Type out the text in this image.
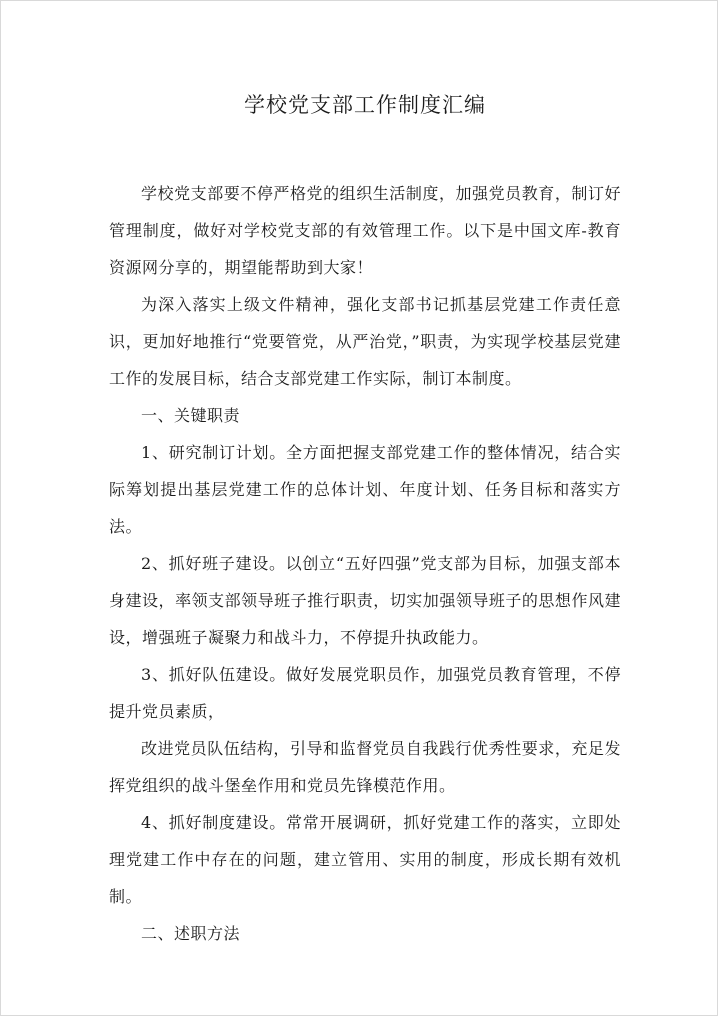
学校党支部工作制度汇编

学校党支部要不停严格党的组织生活制度，加强党员教育，制订好管理制度，做好对学校党支部的有效管理工作。以下是中国文库-教育资源网分享的，期望能帮助到大家！

为深入落实上级文件精神，强化支部书记抓基层党建工作责任意识，更加好地推行“党要管党，从严治党，”职责，为实现学校基层党建工作的发展目标，结合支部党建工作实际，制订本制度。

一、关键职责

1、研究制订计划。全方面把握支部党建工作的整体情况，结合实际筹划提出基层党建工作的总体计划、年度计划、任务目标和落实方法。

2、抓好班子建设。以创立“五好四强”党支部为目标，加强支部本身建设，率领支部领导班子推行职责，切实加强领导班子的思想作风建设，增强班子凝聚力和战斗力，不停提升执政能力。

3、抓好队伍建设。做好发展党职员作，加强党员教育管理，不停提升党员素质，

改进党员队伍结构，引导和监督党员自我践行优秀性要求，充足发挥党组织的战斗堡垒作用和党员先锋模范作用。

4、抓好制度建设。常常开展调研，抓好党建工作的落实，立即处理党建工作中存在的问题，建立管用、实用的制度，形成长期有效机制。

二、述职方法
